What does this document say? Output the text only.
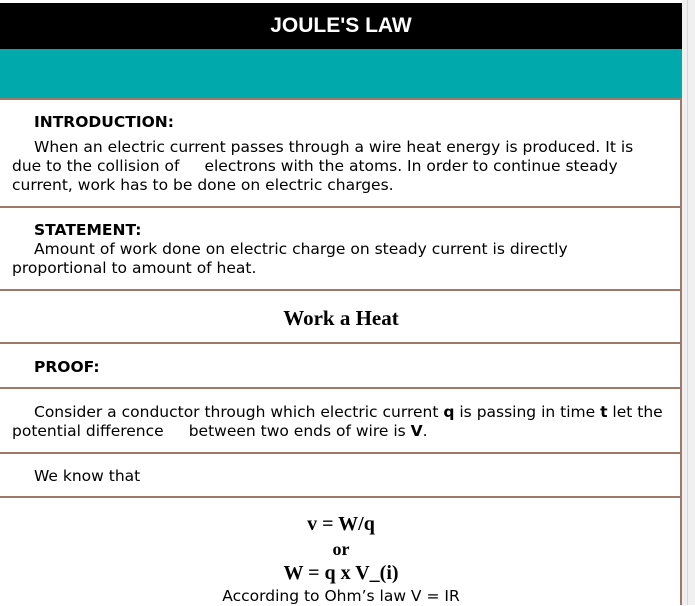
JOULE'S LAW
INTRODUCTION:
When an electric current passes through a wire heat energy is produced. It is
due to the collision of electrons with the atoms. In order to continue steady
current, work has to be done on electric charges.
STATEMENT:
Amount of work done on electric charge on steady current is directly
proportional to amount of heat.
Work a Heat
PROOF:
Consider a conductor through which electric current q is passing in time t let the
potential difference between two ends of wire is V.
We know that
v = W/q
or
W = q x V_(i)
According to Ohm’s law V = IR
